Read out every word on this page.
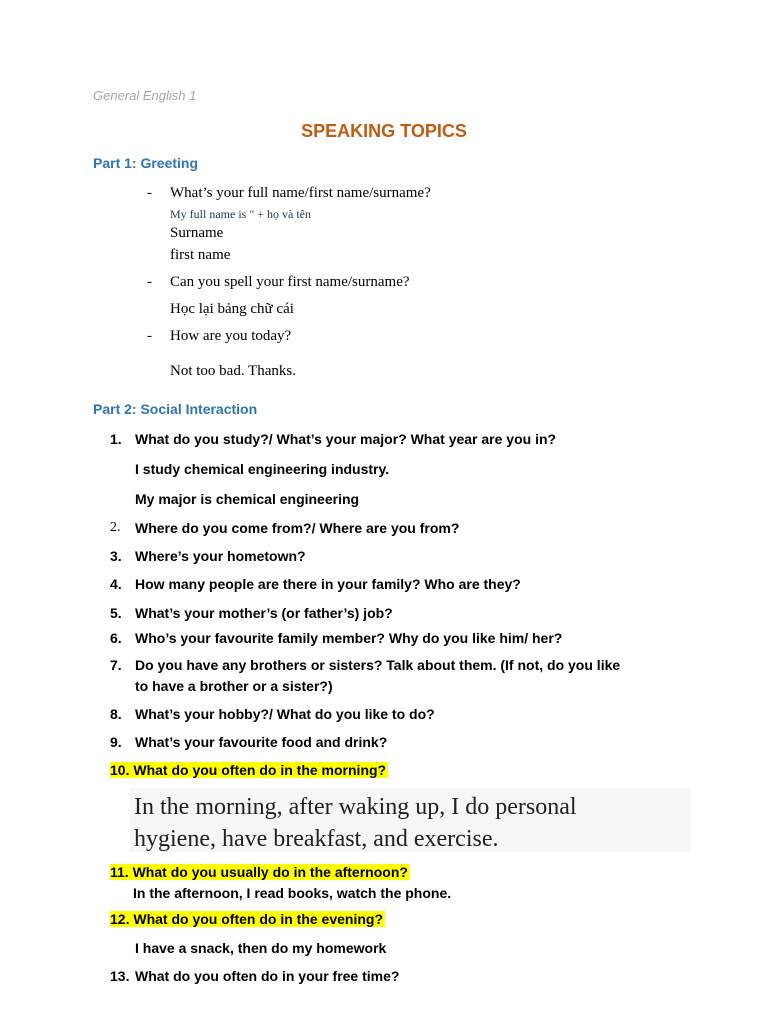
General English 1
SPEAKING TOPICS
Part 1: Greeting
- What’s your full name/first name/surname?
My full name is " + họ và tên
Surname
first name
- Can you spell your first name/surname?
Học lại bảng chữ cái
- How are you today?
Not too bad. Thanks.
Part 2: Social Interaction
1. What do you study?/ What’s your major? What year are you in?
I study chemical engineering industry.
My major is chemical engineering
2. Where do you come from?/ Where are you from?
3. Where’s your hometown?
4. How many people are there in your family? Who are they?
5. What’s your mother’s (or father’s) job?
6. Who’s your favourite family member? Why do you like him/ her?
7. Do you have any brothers or sisters? Talk about them. (If not, do you like
to have a brother or a sister?)
8. What’s your hobby?/ What do you like to do?
9. What’s your favourite food and drink?
10. What do you often do in the morning?
In the morning, after waking up, I do personal
hygiene, have breakfast, and exercise.
11. What do you usually do in the afternoon?
In the afternoon, I read books, watch the phone.
12. What do you often do in the evening?
I have a snack, then do my homework
13. What do you often do in your free time?
